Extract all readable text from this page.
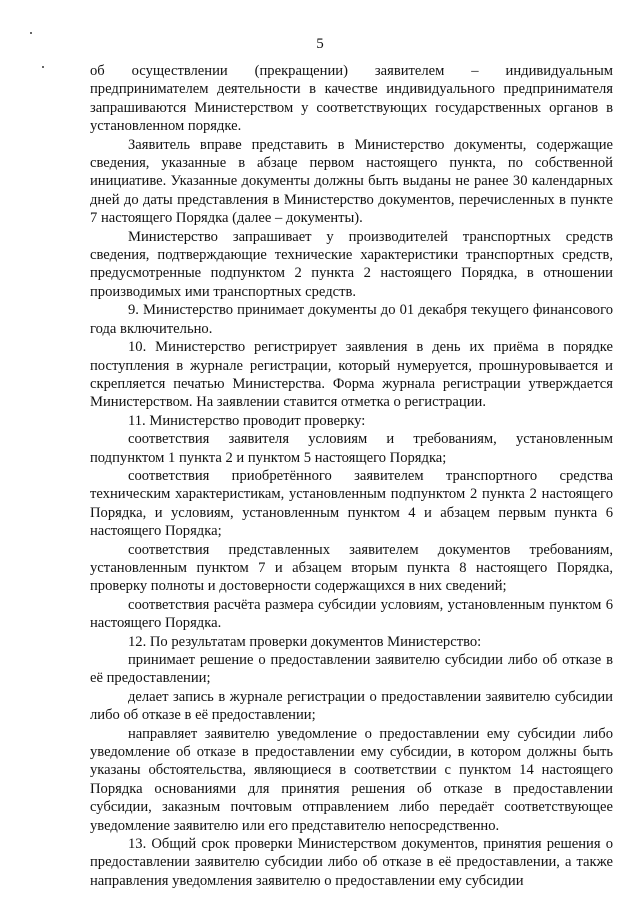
5

об осуществлении (прекращении) заявителем – индивидуальным предпринимателем деятельности в качестве индивидуального предпринимателя запрашиваются Министерством у соответствующих государственных органов в установленном порядке.

Заявитель вправе представить в Министерство документы, содержащие сведения, указанные в абзаце первом настоящего пункта, по собственной инициативе. Указанные документы должны быть выданы не ранее 30 календарных дней до даты представления в Министерство документов, перечисленных в пункте 7 настоящего Порядка (далее – документы).

Министерство запрашивает у производителей транспортных средств сведения, подтверждающие технические характеристики транспортных средств, предусмотренные подпунктом 2 пункта 2 настоящего Порядка, в отношении производимых ими транспортных средств.

9. Министерство принимает документы до 01 декабря текущего финансового года включительно.

10. Министерство регистрирует заявления в день их приёма в порядке поступления в журнале регистрации, который нумеруется, прошнуровывается и скрепляется печатью Министерства. Форма журнала регистрации утверждается Министерством. На заявлении ставится отметка о регистрации.

11. Министерство проводит проверку:

соответствия заявителя условиям и требованиям, установленным подпунктом 1 пункта 2 и пунктом 5 настоящего Порядка;

соответствия приобретённого заявителем транспортного средства техническим характеристикам, установленным подпунктом 2 пункта 2 настоящего Порядка, и условиям, установленным пунктом 4 и абзацем первым пункта 6 настоящего Порядка;

соответствия представленных заявителем документов требованиям, установленным пунктом 7 и абзацем вторым пункта 8 настоящего Порядка, проверку полноты и достоверности содержащихся в них сведений;

соответствия расчёта размера субсидии условиям, установленным пунктом 6 настоящего Порядка.

12. По результатам проверки документов Министерство:

принимает решение о предоставлении заявителю субсидии либо об отказе в её предоставлении;

делает запись в журнале регистрации о предоставлении заявителю субсидии либо об отказе в её предоставлении;

направляет заявителю уведомление о предоставлении ему субсидии либо уведомление об отказе в предоставлении ему субсидии, в котором должны быть указаны обстоятельства, являющиеся в соответствии с пунктом 14 настоящего Порядка основаниями для принятия решения об отказе в предоставлении субсидии, заказным почтовым отправлением либо передаёт соответствующее уведомление заявителю или его представителю непосредственно.

13. Общий срок проверки Министерством документов, принятия решения о предоставлении заявителю субсидии либо об отказе в её предоставлении, а также направления уведомления заявителю о предоставлении ему субсидии
